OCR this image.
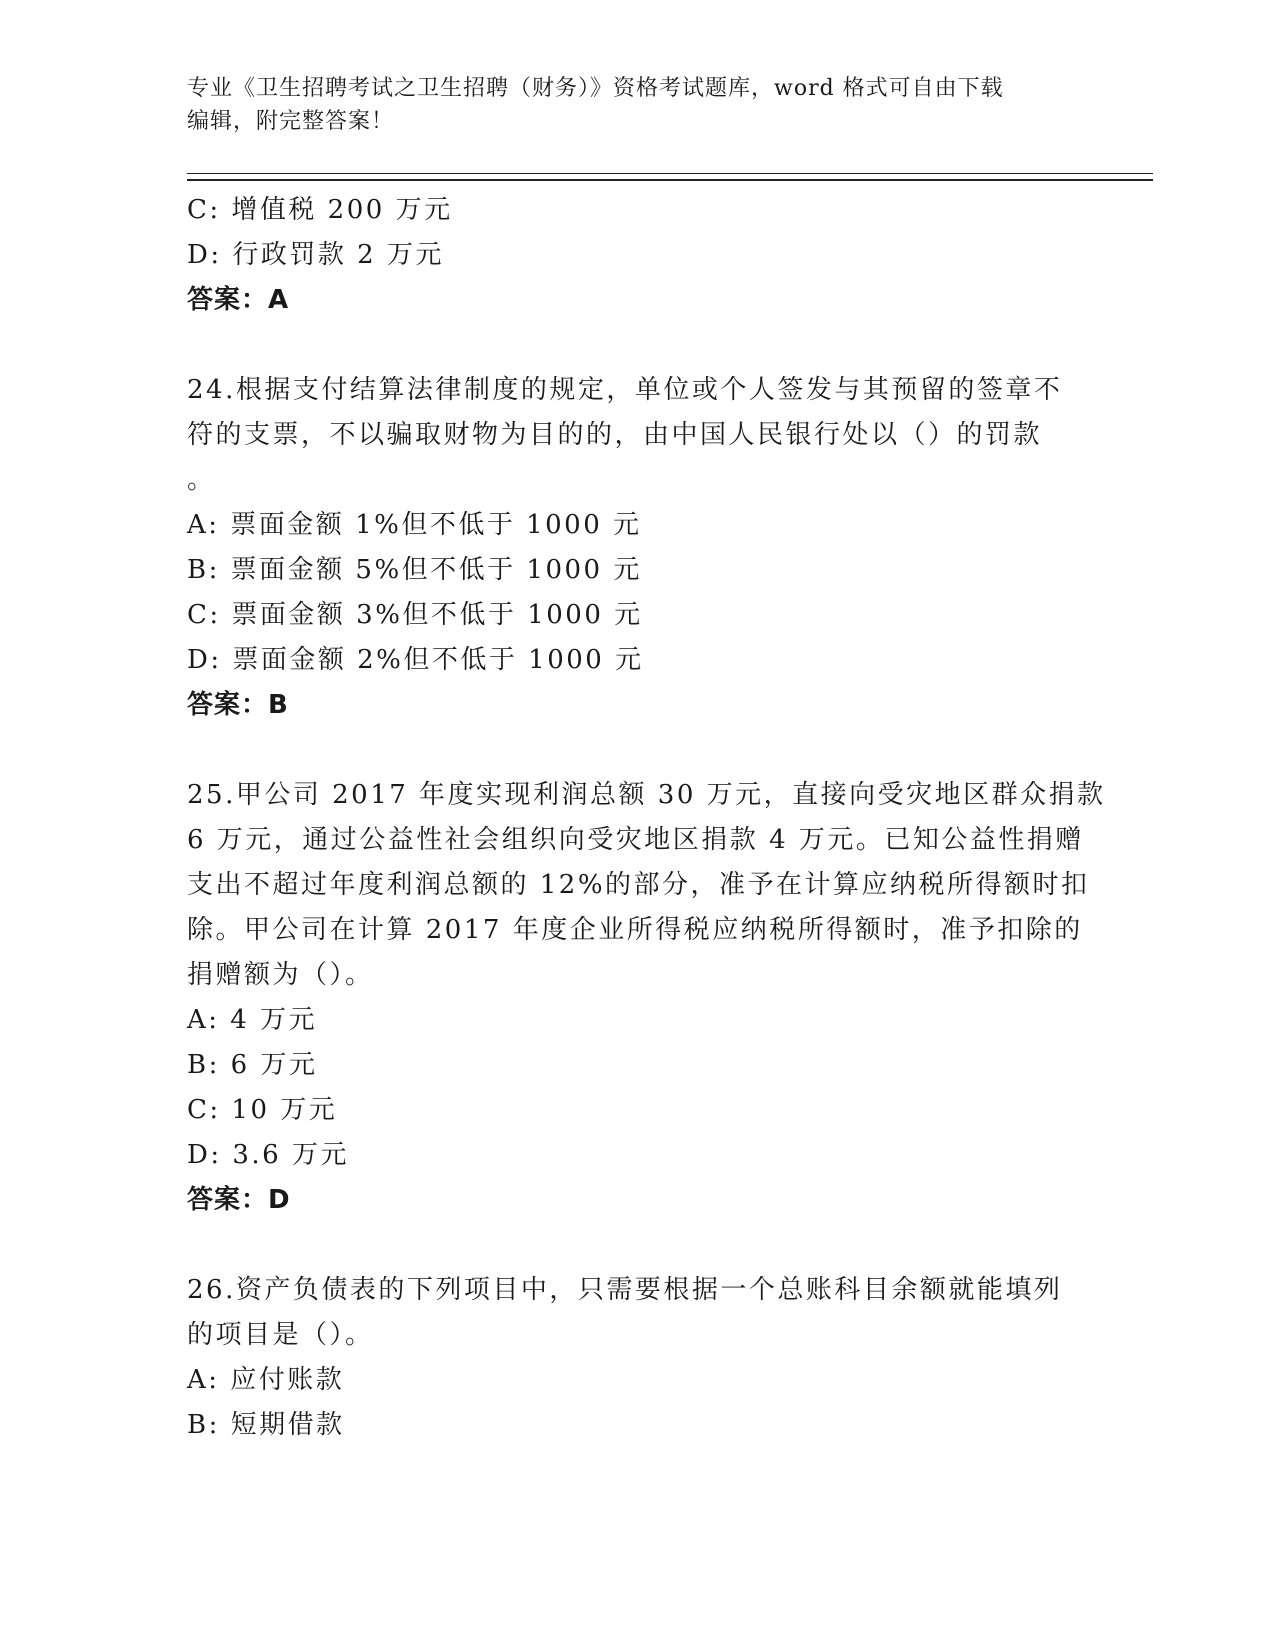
专业《卫生招聘考试之卫生招聘（财务）》资格考试题库，word 格式可自由下载
编辑，附完整答案！
C: 增值税 200 万元
D: 行政罚款 2 万元
答案：A
24.根据支付结算法律制度的规定，单位或个人签发与其预留的签章不
符的支票，不以骗取财物为目的的，由中国人民银行处以（）的罚款
。
A: 票面金额 1%但不低于 1000 元
B: 票面金额 5%但不低于 1000 元
C: 票面金额 3%但不低于 1000 元
D: 票面金额 2%但不低于 1000 元
答案：B
25.甲公司 2017 年度实现利润总额 30 万元，直接向受灾地区群众捐款
6 万元，通过公益性社会组织向受灾地区捐款 4 万元。已知公益性捐赠
支出不超过年度利润总额的 12%的部分，准予在计算应纳税所得额时扣
除。甲公司在计算 2017 年度企业所得税应纳税所得额时，准予扣除的
捐赠额为（）。
A: 4 万元
B: 6 万元
C: 10 万元
D: 3.6 万元
答案：D
26.资产负债表的下列项目中，只需要根据一个总账科目余额就能填列
的项目是（）。
A: 应付账款
B: 短期借款
